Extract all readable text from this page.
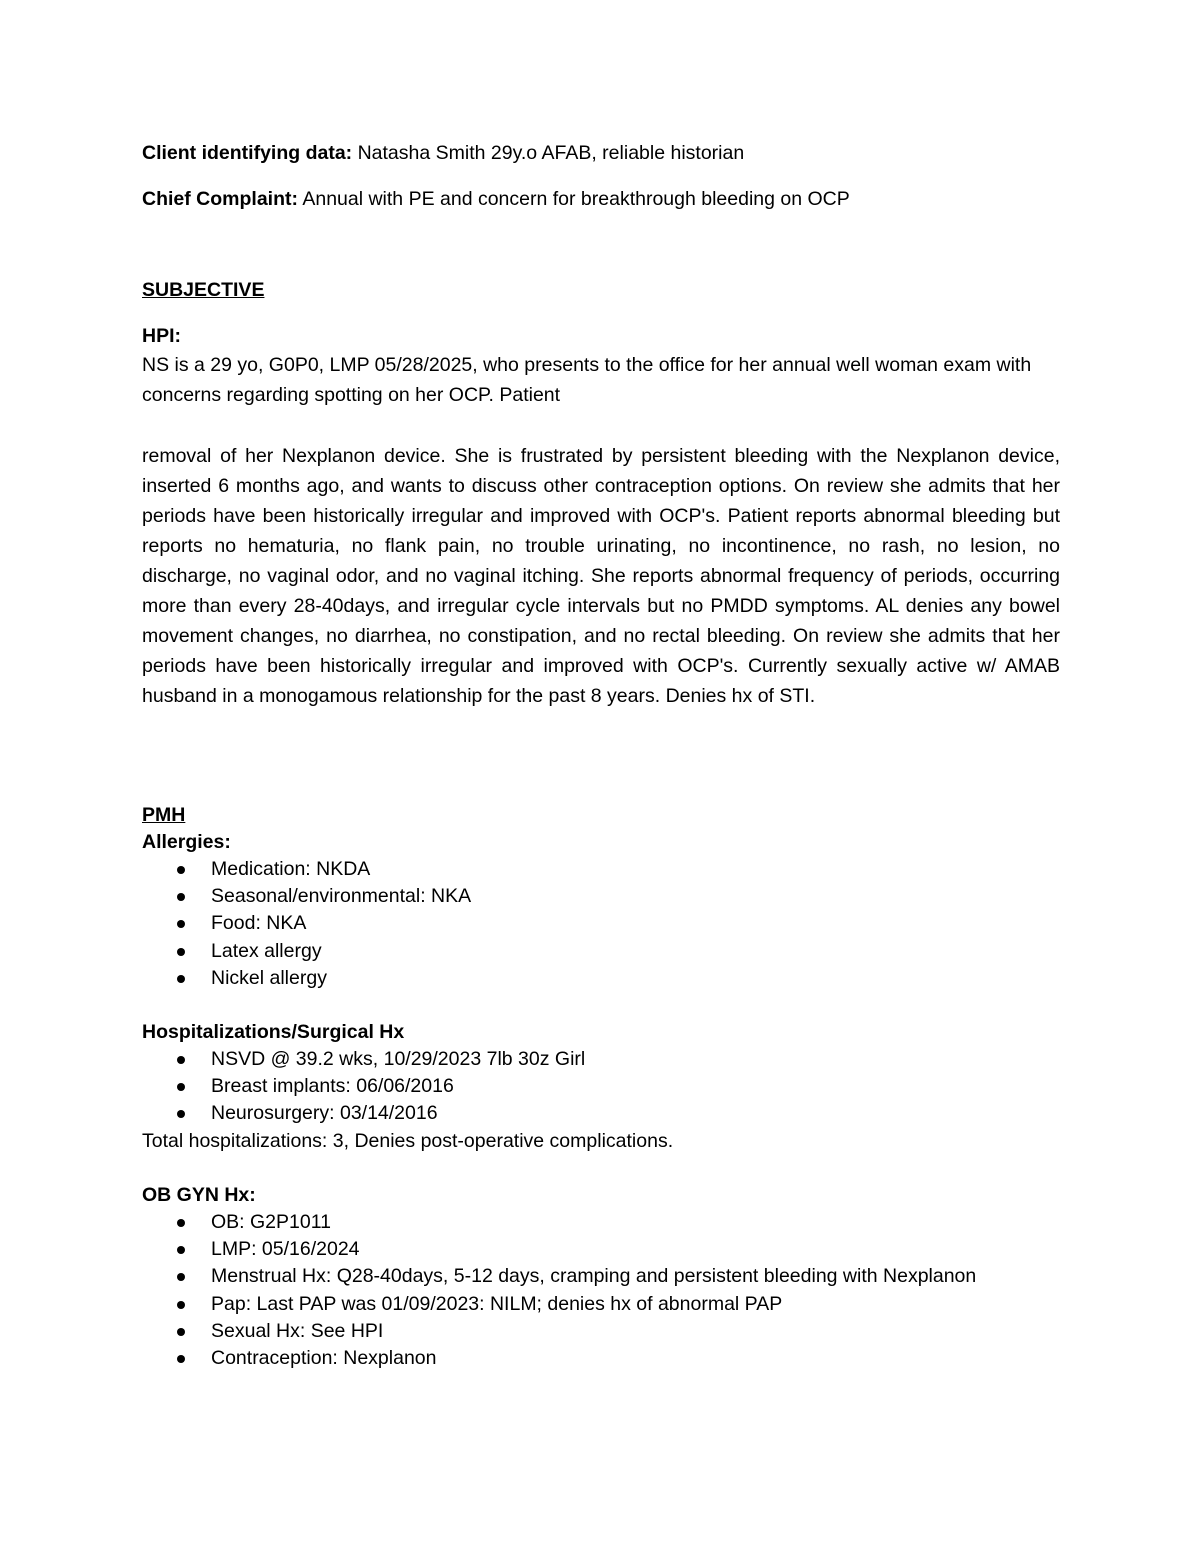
Client identifying data: Natasha Smith 29y.o AFAB, reliable historian
Chief Complaint: Annual with PE and concern for breakthrough bleeding on OCP
SUBJECTIVE
HPI:
NS is a 29 yo, G0P0, LMP 05/28/2025, who presents to the office for her annual well woman exam with concerns regarding spotting on her OCP. Patient
removal of her Nexplanon device. She is frustrated by persistent bleeding with the Nexplanon device, inserted 6 months ago, and wants to discuss other contraception options. On review she admits that her periods have been historically irregular and improved with OCP's. Patient reports abnormal bleeding but reports no hematuria, no flank pain, no trouble urinating, no incontinence, no rash, no lesion, no discharge, no vaginal odor, and no vaginal itching. She reports abnormal frequency of periods, occurring more than every 28-40days, and irregular cycle intervals but no PMDD symptoms. AL denies any bowel movement changes, no diarrhea, no constipation, and no rectal bleeding. On review she admits that her periods have been historically irregular and improved with OCP's. Currently sexually active w/ AMAB husband in a monogamous relationship for the past 8 years. Denies hx of STI.
PMH
Allergies:
Medication: NKDA
Seasonal/environmental: NKA
Food: NKA
Latex allergy
Nickel allergy
Hospitalizations/Surgical Hx
NSVD @ 39.2 wks, 10/29/2023 7lb 30z Girl
Breast implants: 06/06/2016
Neurosurgery: 03/14/2016
Total hospitalizations: 3, Denies post-operative complications.
OB GYN Hx:
OB: G2P1011
LMP: 05/16/2024
Menstrual Hx: Q28-40days, 5-12 days, cramping and persistent bleeding with Nexplanon
Pap: Last PAP was 01/09/2023: NILM; denies hx of abnormal PAP
Sexual Hx: See HPI
Contraception: Nexplanon
